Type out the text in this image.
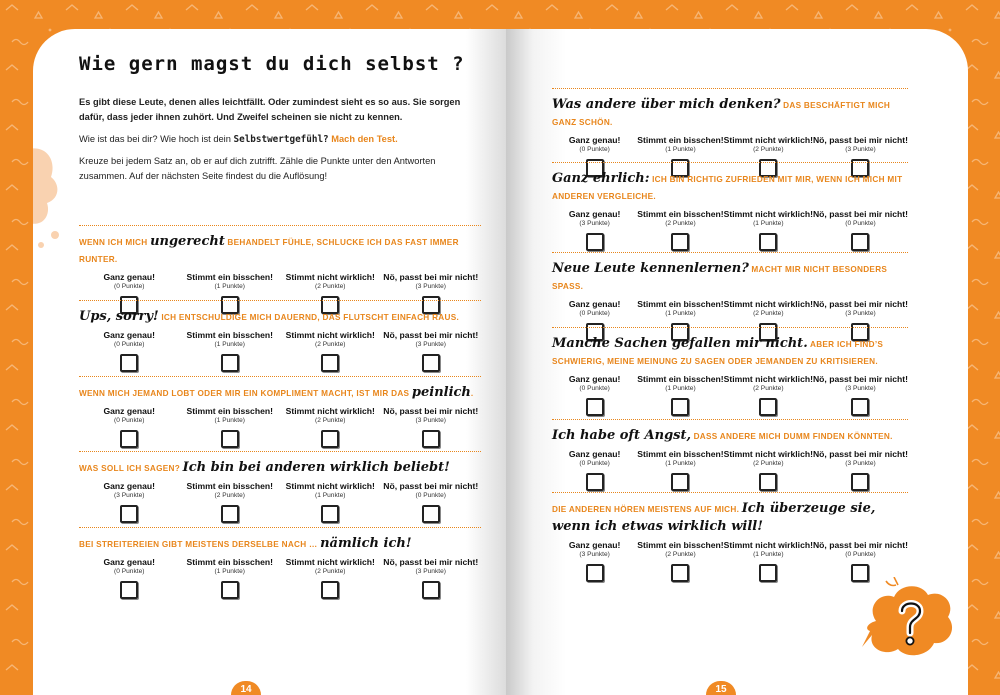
Wie gern magst du dich selbst ?

Es gibt diese Leute, denen alles leichtfällt. Oder zumindest sieht es so aus. Sie sorgen dafür, dass jeder ihnen zuhört. Und Zweifel scheinen sie nicht zu kennen.

Wie ist das bei dir? Wie hoch ist dein Selbstwertgefühl? Mach den Test.

Kreuze bei jedem Satz an, ob er auf dich zutrifft. Zähle die Punkte unter den Antworten zusammen. Auf der nächsten Seite findest du die Auflösung!

WENN ICH MICH ungerecht BEHANDELT FÜHLE, SCHLUCKE ICH DAS FAST IMMER RUNTER.
Ganz genau!
(0 Punkte)
Stimmt ein bisschen!
(1 Punkte)
Stimmt nicht wirklich!
(2 Punkte)
Nö, passt bei mir nicht!
(3 Punkte)
Ups, sorry! ICH ENTSCHULDIGE MICH DAUERND, DAS FLUTSCHT EINFACH RAUS.
Ganz genau!
(0 Punkte)
Stimmt ein bisschen!
(1 Punkte)
Stimmt nicht wirklich!
(2 Punkte)
Nö, passt bei mir nicht!
(3 Punkte)
WENN MICH JEMAND LOBT ODER MIR EIN KOMPLIMENT MACHT, IST MIR DAS peinlich.
Ganz genau!
(0 Punkte)
Stimmt ein bisschen!
(1 Punkte)
Stimmt nicht wirklich!
(2 Punkte)
Nö, passt bei mir nicht!
(3 Punkte)
WAS SOLL ICH SAGEN? Ich bin bei anderen wirklich beliebt!
Ganz genau!
(3 Punkte)
Stimmt ein bisschen!
(2 Punkte)
Stimmt nicht wirklich!
(1 Punkte)
Nö, passt bei mir nicht!
(0 Punkte)
BEI STREITEREIEN GIBT MEISTENS DERSELBE NACH … nämlich ich!
Ganz genau!
(0 Punkte)
Stimmt ein bisschen!
(1 Punkte)
Stimmt nicht wirklich!
(2 Punkte)
Nö, passt bei mir nicht!
(3 Punkte)
14
Was andere über mich denken? DAS BESCHÄFTIGT MICH GANZ SCHÖN.
Ganz genau!
(0 Punkte)
Stimmt ein bisschen!
(1 Punkte)
Stimmt nicht wirklich!
(2 Punkte)
Nö, passt bei mir nicht!
(3 Punkte)
Ganz ehrlich: ICH BIN RICHTIG ZUFRIEDEN MIT MIR, WENN ICH MICH MIT ANDEREN VERGLEICHE.
Ganz genau!
(3 Punkte)
Stimmt ein bisschen!
(2 Punkte)
Stimmt nicht wirklich!
(1 Punkte)
Nö, passt bei mir nicht!
(0 Punkte)
Neue Leute kennenlernen? MACHT MIR NICHT BESONDERS SPASS.
Ganz genau!
(0 Punkte)
Stimmt ein bisschen!
(1 Punkte)
Stimmt nicht wirklich!
(2 Punkte)
Nö, passt bei mir nicht!
(3 Punkte)
Manche Sachen gefallen mir nicht. ABER ICH FIND’S SCHWIERIG, MEINE MEINUNG ZU SAGEN ODER JEMANDEN ZU KRITISIEREN.
Ganz genau!
(0 Punkte)
Stimmt ein bisschen!
(1 Punkte)
Stimmt nicht wirklich!
(2 Punkte)
Nö, passt bei mir nicht!
(3 Punkte)
Ich habe oft Angst, DASS ANDERE MICH DUMM FINDEN KÖNNTEN.
Ganz genau!
(0 Punkte)
Stimmt ein bisschen!
(1 Punkte)
Stimmt nicht wirklich!
(2 Punkte)
Nö, passt bei mir nicht!
(3 Punkte)
DIE ANDEREN HÖREN MEISTENS AUF MICH. Ich überzeuge sie, wenn ich etwas wirklich will!
Ganz genau!
(3 Punkte)
Stimmt ein bisschen!
(2 Punkte)
Stimmt nicht wirklich!
(1 Punkte)
Nö, passt bei mir nicht!
(0 Punkte)
15
